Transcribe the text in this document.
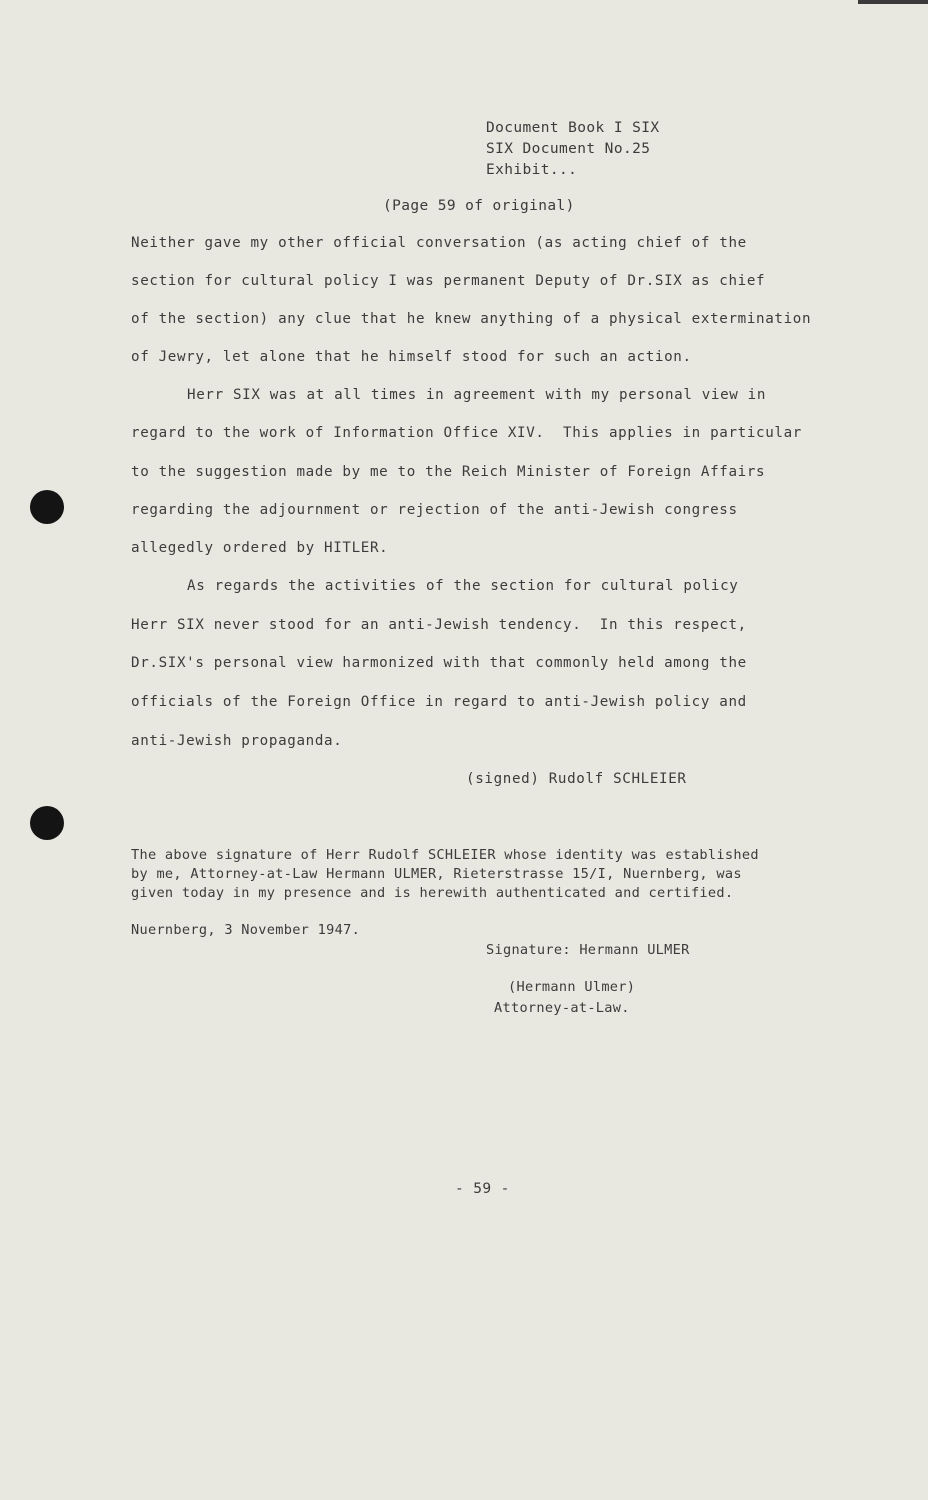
Document Book I SIX
SIX Document No.25
Exhibit...
(Page 59 of original)
Neither gave my other official conversation (as acting chief of the
section for cultural policy I was permanent Deputy of Dr.SIX as chief
of the section) any clue that he knew anything of a physical extermination
of Jewry, let alone that he himself stood for such an action.
Herr SIX was at all times in agreement with my personal view in
regard to the work of Information Office XIV.  This applies in particular
to the suggestion made by me to the Reich Minister of Foreign Affairs
regarding the adjournment or rejection of the anti-Jewish congress
allegedly ordered by HITLER.
As regards the activities of the section for cultural policy
Herr SIX never stood for an anti-Jewish tendency.  In this respect,
Dr.SIX's personal view harmonized with that commonly held among the
officials of the Foreign Office in regard to anti-Jewish policy and
anti-Jewish propaganda.
(signed) Rudolf SCHLEIER
The above signature of Herr Rudolf SCHLEIER whose identity was established
by me, Attorney-at-Law Hermann ULMER, Rieterstrasse 15/I, Nuernberg, was
given today in my presence and is herewith authenticated and certified.
Nuernberg, 3 November 1947.
Signature: Hermann ULMER
(Hermann Ulmer)
Attorney-at-Law.
- 59 -
